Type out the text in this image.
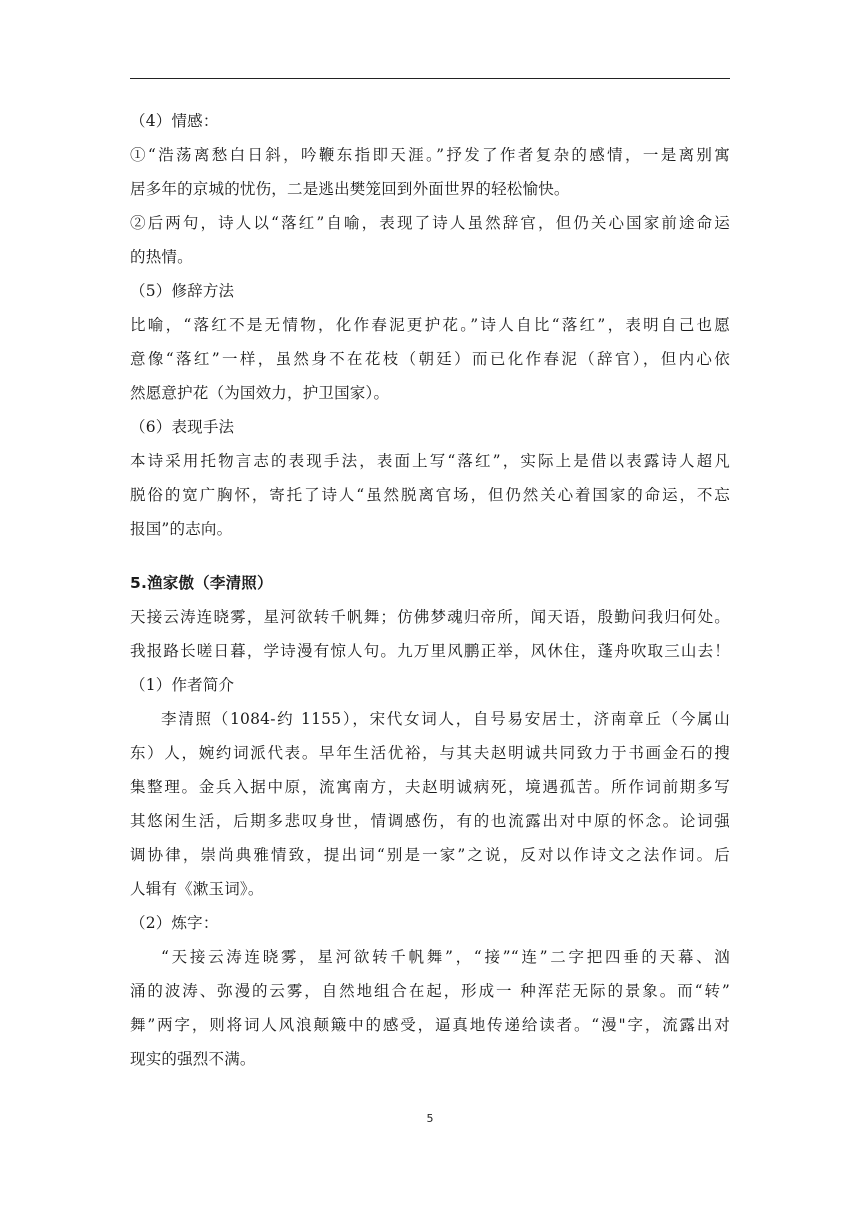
（4）情感：
①“浩荡离愁白日斜，吟鞭东指即天涯。”抒发了作者复杂的感情，一是离别寓
居多年的京城的忧伤，二是逃出樊笼回到外面世界的轻松愉快。
②后两句，诗人以“落红”自喻，表现了诗人虽然辞官，但仍关心国家前途命运
的热情。
（5）修辞方法
比喻，“落红不是无情物，化作春泥更护花。”诗人自比“落红”，表明自己也愿
意像“落红”一样，虽然身不在花枝（朝廷）而已化作春泥（辞官），但内心依
然愿意护花（为国效力，护卫国家）。
（6）表现手法
本诗采用托物言志的表现手法，表面上写“落红”，实际上是借以表露诗人超凡
脱俗的宽广胸怀，寄托了诗人“虽然脱离官场，但仍然关心着国家的命运，不忘
报国”的志向。
5.渔家傲（李清照）
天接云涛连晓雾，星河欲转千帆舞；仿佛梦魂归帝所，闻天语，殷勤问我归何处。
我报路长嗟日暮，学诗漫有惊人句。九万里风鹏正举，风休住，蓬舟吹取三山去！
（1）作者简介
李清照（1084-约 1155），宋代女词人，自号易安居士，济南章丘（今属山
东）人，婉约词派代表。早年生活优裕，与其夫赵明诚共同致力于书画金石的搜
集整理。金兵入据中原，流寓南方，夫赵明诚病死，境遇孤苦。所作词前期多写
其悠闲生活，后期多悲叹身世，情调感伤，有的也流露出对中原的怀念。论词强
调协律，崇尚典雅情致，提出词“别是一家”之说，反对以作诗文之法作词。后
人辑有《漱玉词》。
（2）炼字：
“天接云涛连晓雾，星河欲转千帆舞”，“接”“连”二字把四垂的天幕、汹
涌的波涛、弥漫的云雾，自然地组合在起，形成一 种浑茫无际的景象。而“转”
舞”两字，则将词人风浪颠簸中的感受，逼真地传递给读者。“漫"字，流露出对
现实的强烈不满。
5
